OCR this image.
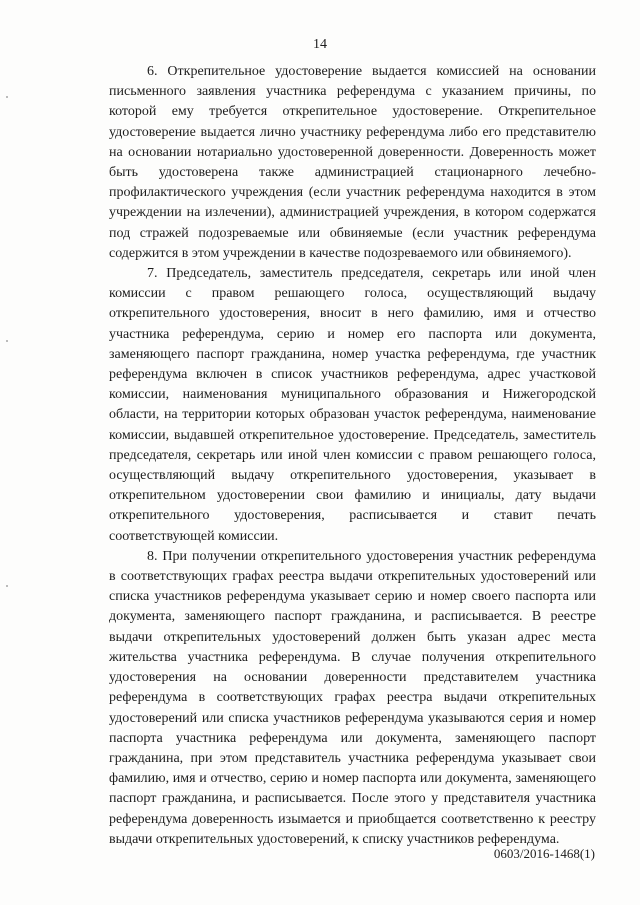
14

6. Открепительное удостоверение выдается комиссией на основании письменного заявления участника референдума с указанием причины, по которой ему требуется открепительное удостоверение. Открепительное удостоверение выдается лично участнику референдума либо его представителю на основании нотариально удостоверенной доверенности. Доверенность может быть удостоверена также администрацией стационарного лечебно-профилактического учреждения (если участник референдума находится в этом учреждении на излечении), администрацией учреждения, в котором содержатся под стражей подозреваемые или обвиняемые (если участник референдума содержится в этом учреждении в качестве подозреваемого или обвиняемого).

7. Председатель, заместитель председателя, секретарь или иной член комиссии с правом решающего голоса, осуществляющий выдачу открепительного удостоверения, вносит в него фамилию, имя и отчество участника референдума, серию и номер его паспорта или документа, заменяющего паспорт гражданина, номер участка референдума, где участник референдума включен в список участников референдума, адрес участковой комиссии, наименования муниципального образования и Нижегородской области, на территории которых образован участок референдума, наименование комиссии, выдавшей открепительное удостоверение. Председатель, заместитель председателя, секретарь или иной член комиссии с правом решающего голоса, осуществляющий выдачу открепительного удостоверения, указывает в открепительном удостоверении свои фамилию и инициалы, дату выдачи открепительного удостоверения, расписывается и ставит печать соответствующей комиссии.

8. При получении открепительного удостоверения участник референдума в соответствующих графах реестра выдачи открепительных удостоверений или списка участников референдума указывает серию и номер своего паспорта или документа, заменяющего паспорт гражданина, и расписывается. В реестре выдачи открепительных удостоверений должен быть указан адрес места жительства участника референдума. В случае получения открепительного удостоверения на основании доверенности представителем участника референдума в соответствующих графах реестра выдачи открепительных удостоверений или списка участников референдума указываются серия и номер паспорта участника референдума или документа, заменяющего паспорт гражданина, при этом представитель участника референдума указывает свои фамилию, имя и отчество, серию и номер паспорта или документа, заменяющего паспорт гражданина, и расписывается. После этого у представителя участника референдума доверенность изымается и приобщается соответственно к реестру выдачи открепительных удостоверений, к списку участников референдума.

0603/2016-1468(1)
